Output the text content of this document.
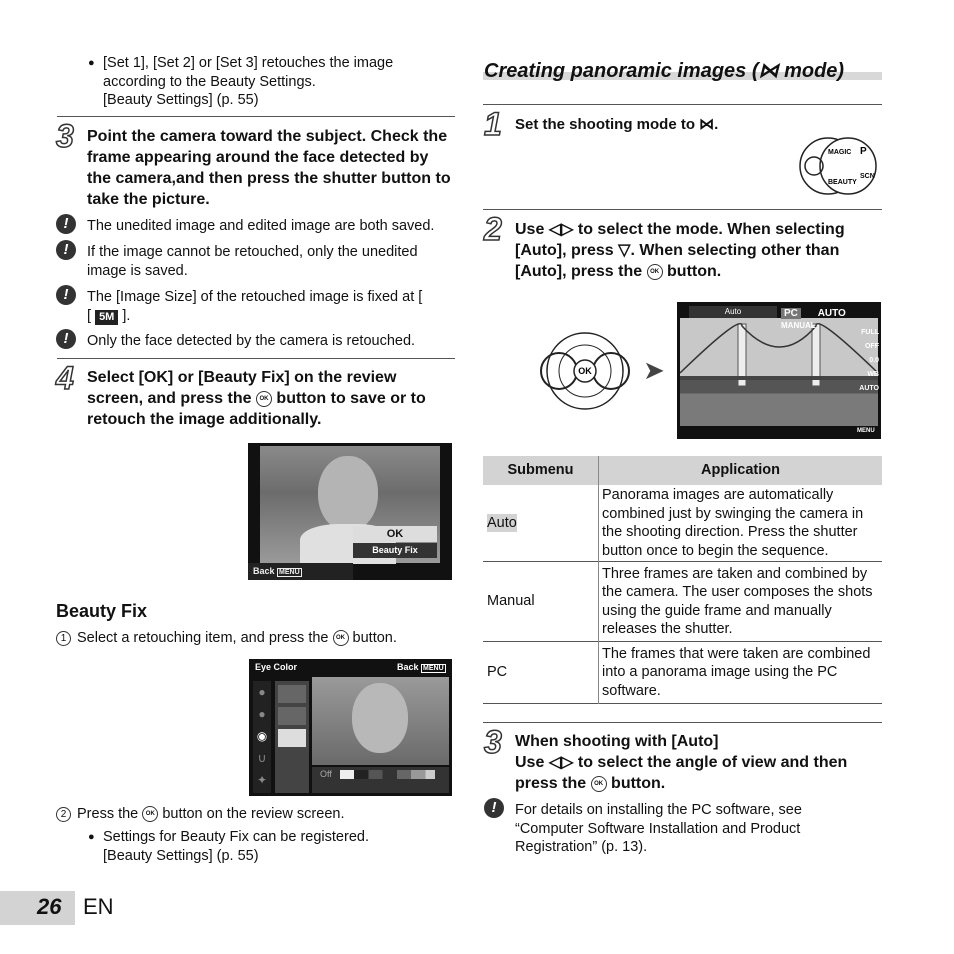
● [Set 1], [Set 2] or [Set 3] retouches the image according to the Beauty Settings.
[Beauty Settings] (p. 55)
3 Point the camera toward the subject. Check the frame appearing around the face detected by the camera,and then press the shutter button to take the picture.
!	The unedited image and edited image are both saved.
!	If the image cannot be retouched, only the unedited image is saved.
!	The [Image Size] of the retouched image is fixed at [
[ 5M ].
!	Only the face detected by the camera is retouched.
4 Select [OK] or [Beauty Fix] on the review screen, and press the OK button to save or to retouch the image additionally.
OK
Beauty Fix
Back MENU
Beauty Fix
1 Select a retouching item, and press the OK button.
Eye Color	Back MENU
●
●
◉
∪
✦	Off
2 Press the OK button on the review screen.
● Settings for Beauty Fix can be registered.
[Beauty Settings] (p. 55)
Creating panoramic images (⋈ mode)
1 Set the shooting mode to ⋈.
MAGIC
BEAUTY
SCN
P
2 Use ◁▷ to select the mode. When selecting [Auto], press ▽. When selecting other than [Auto], press the OK button.
OK ➤
Auto	PC AUTO MANUAL
FULL
OFF
0.0
WB AUTO
MENU
Submenu	Application
Auto	Panorama images are automatically combined just by swinging the camera in the shooting direction. Press the shutter button once to begin the sequence.
Manual	Three frames are taken and combined by the camera. The user composes the shots using the guide frame and manually releases the shutter.
PC	The frames that were taken are combined into a panorama image using the PC software.
3 When shooting with [Auto]
Use ◁▷ to select the angle of view and then press the OK button.
!	For details on installing the PC software, see “Computer Software Installation and Product Registration” (p. 13).
26 EN
